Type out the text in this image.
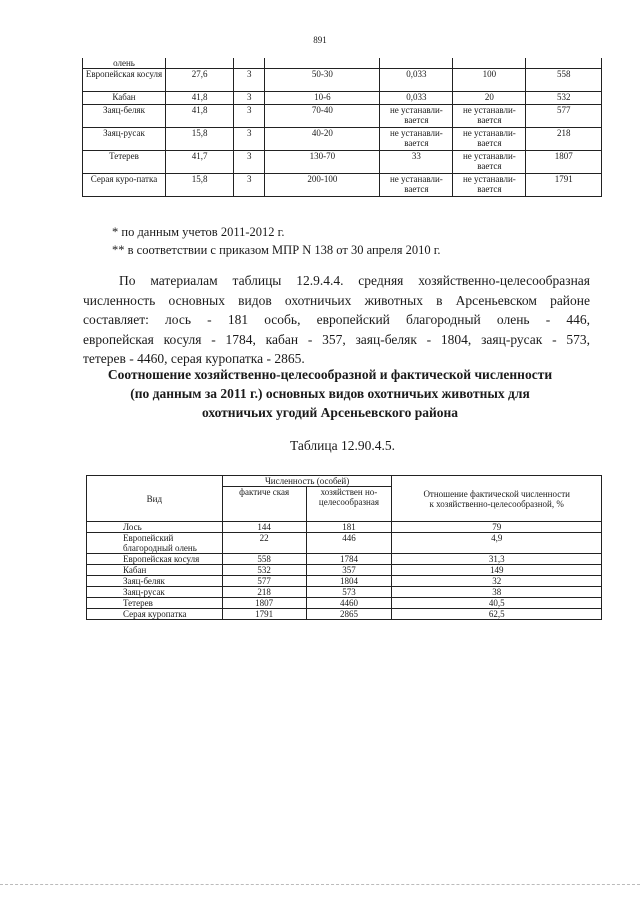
891
олень						
Европейская косуля	27,6	3	50-30	0,033	100	558
Кабан	41,8	3	10-6	0,033	20	532
Заяц-беляк	41,8	3	70-40	не устанавли-вается	не устанавли-вается	577
Заяц-русак	15,8	3	40-20	не устанавли-вается	не устанавли-вается	218
Тетерев	41,7	3	130-70	33	не устанавли-вается	1807
Серая куро-патка	15,8	3	200-100	не устанавли-вается	не устанавли-вается	1791
* по данным учетов 2011-2012 г.
** в соответствии с приказом МПР N 138 от 30 апреля 2010 г.

По материалам таблицы 12.9.4.4. средняя хозяйственно-целесообразная

численность основных видов охотничьих животных в Арсеньевском районе

составляет: лось - 181 особь, европейский благородный олень - 446,

европейская косуля - 1784, кабан - 357, заяц-беляк - 1804, заяц-русак - 573,

тетерев - 4460, серая куропатка - 2865.

Соотношение хозяйственно-целесообразной и фактической численности
(по данным за 2011 г.) основных видов охотничьих животных для
охотничьих угодий Арсеньевского района
Таблица 12.90.4.5.
Вид	Численность (особей)		Отношение фактической численности к хозяйственно-целесообразной, %
	фактиче ская	хозяйствен но-целесообразная	
Лось	144	181	79
Европейский благородный олень	22	446	4,9
Европейская косуля	558	1784	31,3
Кабан	532	357	149
Заяц-беляк	577	1804	32
Заяц-русак	218	573	38
Тетерев	1807	4460	40,5
Серая куропатка	1791	2865	62,5
